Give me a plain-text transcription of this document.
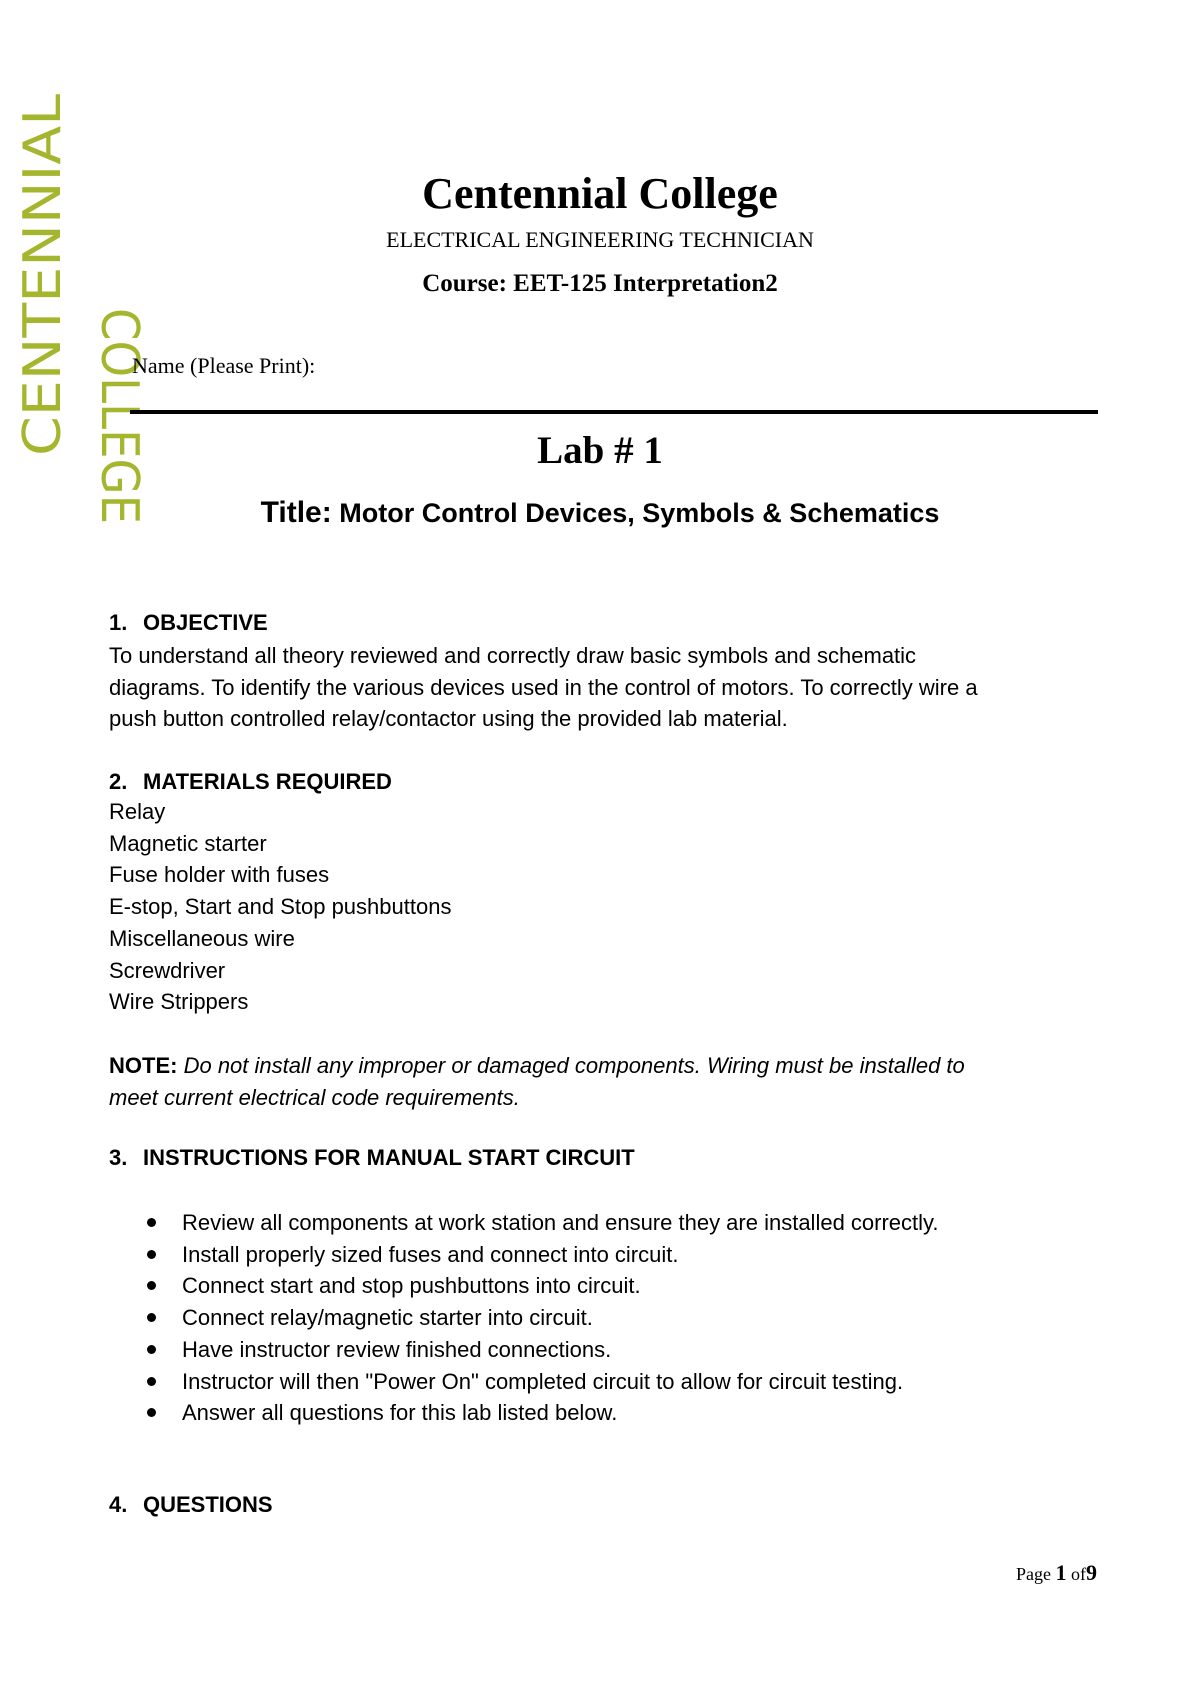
CENTENNIAL COLLEGE
Centennial College
ELECTRICAL ENGINEERING TECHNICIAN
Course: EET-125 Interpretation2
Name (Please Print):
Lab # 1
Title: Motor Control Devices, Symbols & Schematics
1. OBJECTIVE
To understand all theory reviewed and correctly draw basic symbols and schematic
diagrams. To identify the various devices used in the control of motors. To correctly wire a
push button controlled relay/contactor using the provided lab material.
2. MATERIALS REQUIRED
Relay
Magnetic starter
Fuse holder with fuses
E-stop, Start and Stop pushbuttons
Miscellaneous wire
Screwdriver
Wire Strippers
NOTE: Do not install any improper or damaged components. Wiring must be installed to
meet current electrical code requirements.
3. INSTRUCTIONS FOR MANUAL START CIRCUIT
Review all components at work station and ensure they are installed correctly.
Install properly sized fuses and connect into circuit.
Connect start and stop pushbuttons into circuit.
Connect relay/magnetic starter into circuit.
Have instructor review finished connections.
Instructor will then "Power On" completed circuit to allow for circuit testing.
Answer all questions for this lab listed below.
4. QUESTIONS
Page 1 of9
